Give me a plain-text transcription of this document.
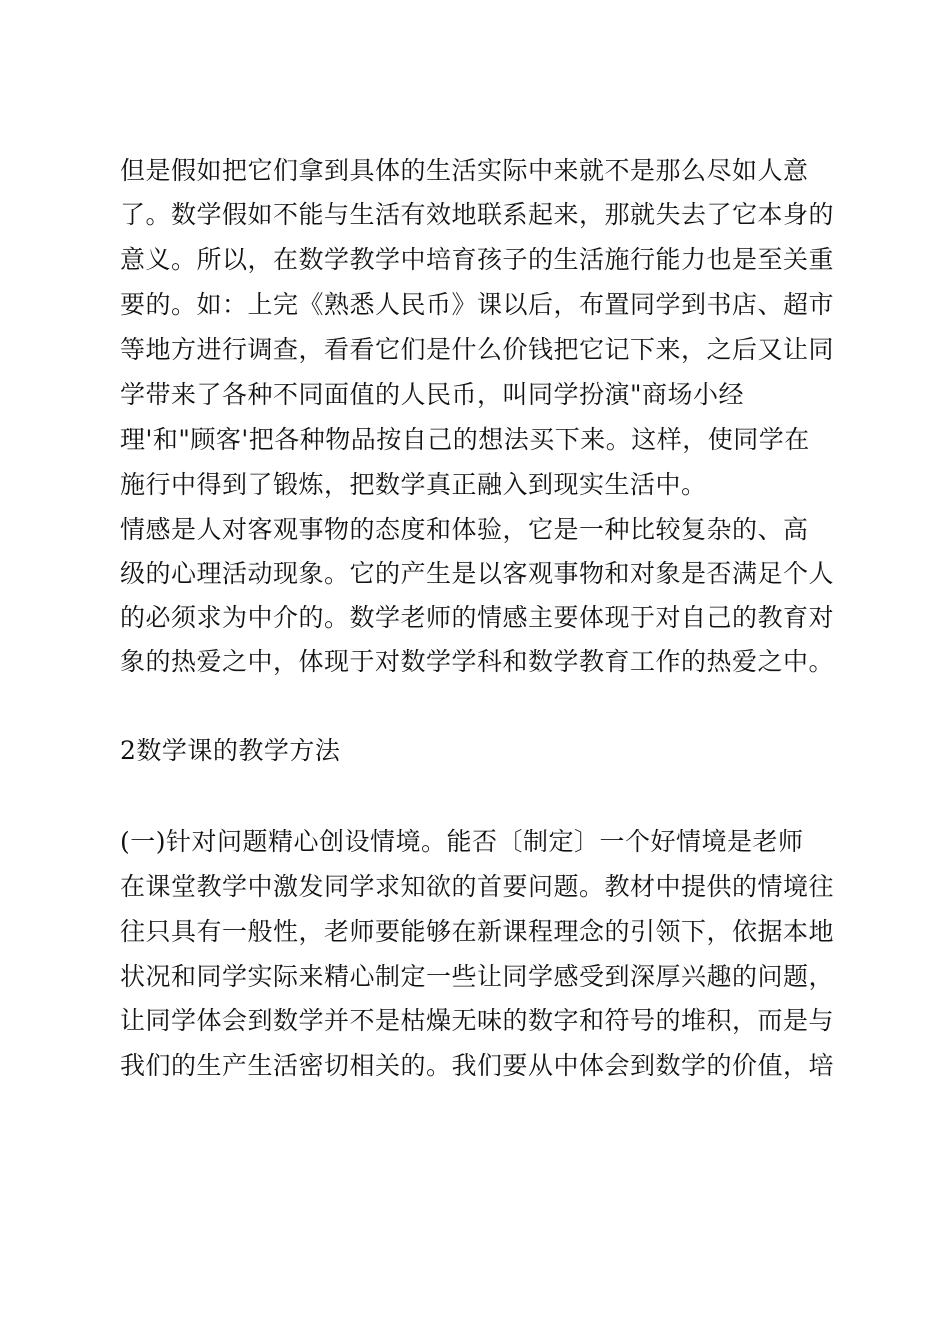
但是假如把它们拿到具体的生活实际中来就不是那么尽如人意
了。数学假如不能与生活有效地联系起来，那就失去了它本身的
意义。所以，在数学教学中培育孩子的生活施行能力也是至关重
要的。如：上完《熟悉人民币》课以后，布置同学到书店、超市
等地方进行调查，看看它们是什么价钱把它记下来，之后又让同
学带来了各种不同面值的人民币，叫同学扮演"商场小经
理'和"顾客'把各种物品按自己的想法买下来。这样，使同学在
施行中得到了锻炼，把数学真正融入到现实生活中。
情感是人对客观事物的态度和体验，它是一种比较复杂的、高
级的心理活动现象。它的产生是以客观事物和对象是否满足个人
的必须求为中介的。数学老师的情感主要体现于对自己的教育对
象的热爱之中，体现于对数学学科和数学教育工作的热爱之中。
2数学课的教学方法
(一)针对问题精心创设情境。能否〔制定〕一个好情境是老师
在课堂教学中激发同学求知欲的首要问题。教材中提供的情境往
往只具有一般性，老师要能够在新课程理念的引领下，依据本地
状况和同学实际来精心制定一些让同学感受到深厚兴趣的问题，
让同学体会到数学并不是枯燥无味的数字和符号的堆积，而是与
我们的生产生活密切相关的。我们要从中体会到数学的价值，培
